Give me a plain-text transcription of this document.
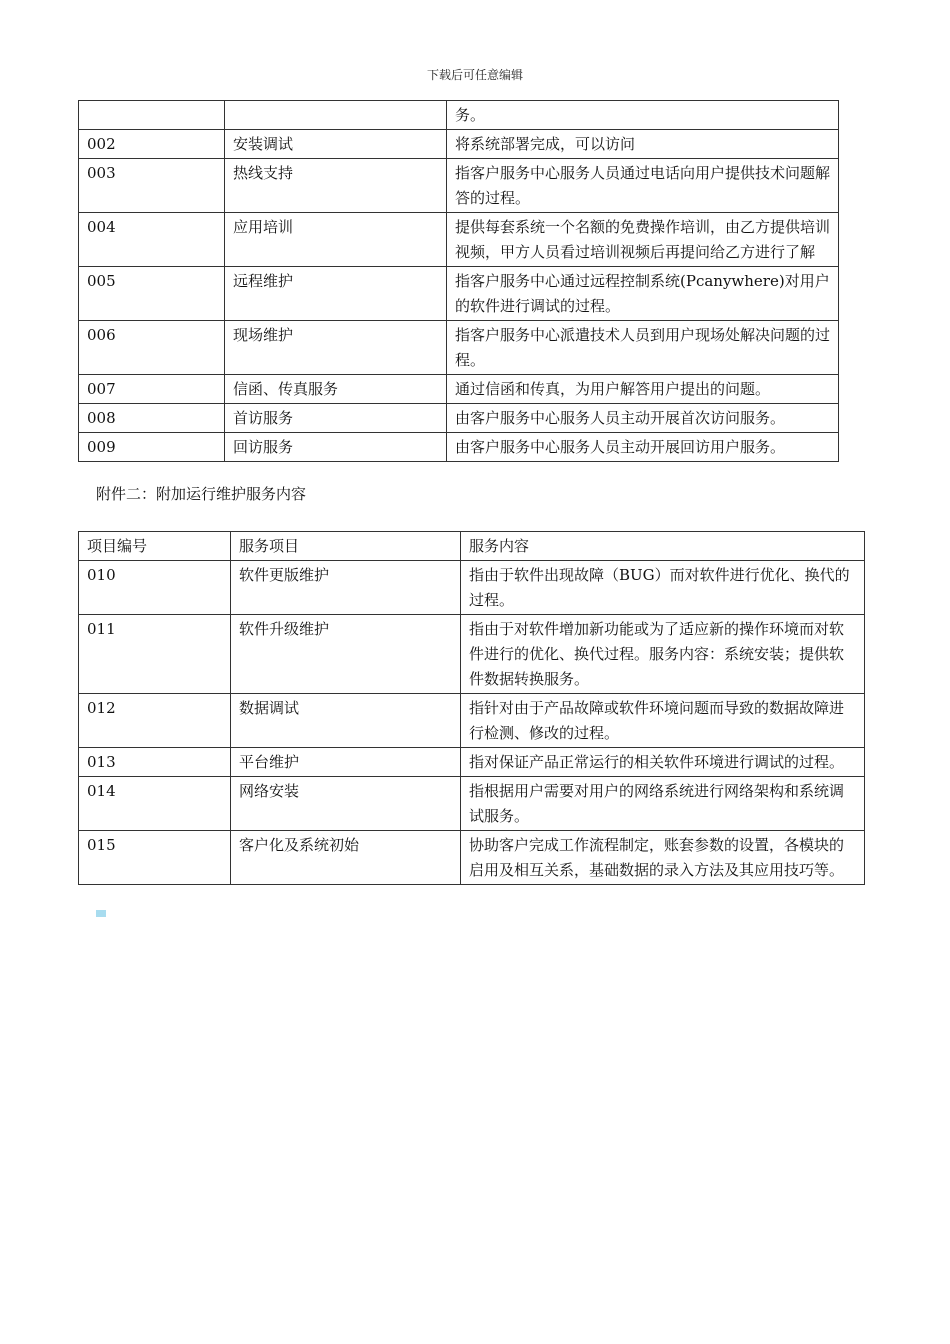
下载后可任意编辑
		务。
002	安装调试	将系统部署完成，可以访问
003	热线支持	指客户服务中心服务人员通过电话向用户提供技术问题解答的过程。
004	应用培训	提供每套系统一个名额的免费操作培训，由乙方提供培训视频，甲方人员看过培训视频后再提问给乙方进行了解
005	远程维护	指客户服务中心通过远程控制系统(Pcanywhere)对用户的软件进行调试的过程。
006	现场维护	指客户服务中心派遣技术人员到用户现场处解决问题的过程。
007	信函、传真服务	通过信函和传真，为用户解答用户提出的问题。
008	首访服务	由客户服务中心服务人员主动开展首次访问服务。
009	回访服务	由客户服务中心服务人员主动开展回访用户服务。
附件二：附加运行维护服务内容
项目编号	服务项目	服务内容
010	软件更版维护	指由于软件出现故障（BUG）而对软件进行优化、换代的过程。
011	软件升级维护	指由于对软件增加新功能或为了适应新的操作环境而对软件进行的优化、换代过程。服务内容：系统安装；提供软件数据转换服务。
012	数据调试	指针对由于产品故障或软件环境问题而导致的数据故障进行检测、修改的过程。
013	平台维护	指对保证产品正常运行的相关软件环境进行调试的过程。
014	网络安装	指根据用户需要对用户的网络系统进行网络架构和系统调试服务。
015	客户化及系统初始	协助客户完成工作流程制定，账套参数的设置，各模块的启用及相互关系，基础数据的录入方法及其应用技巧等。
